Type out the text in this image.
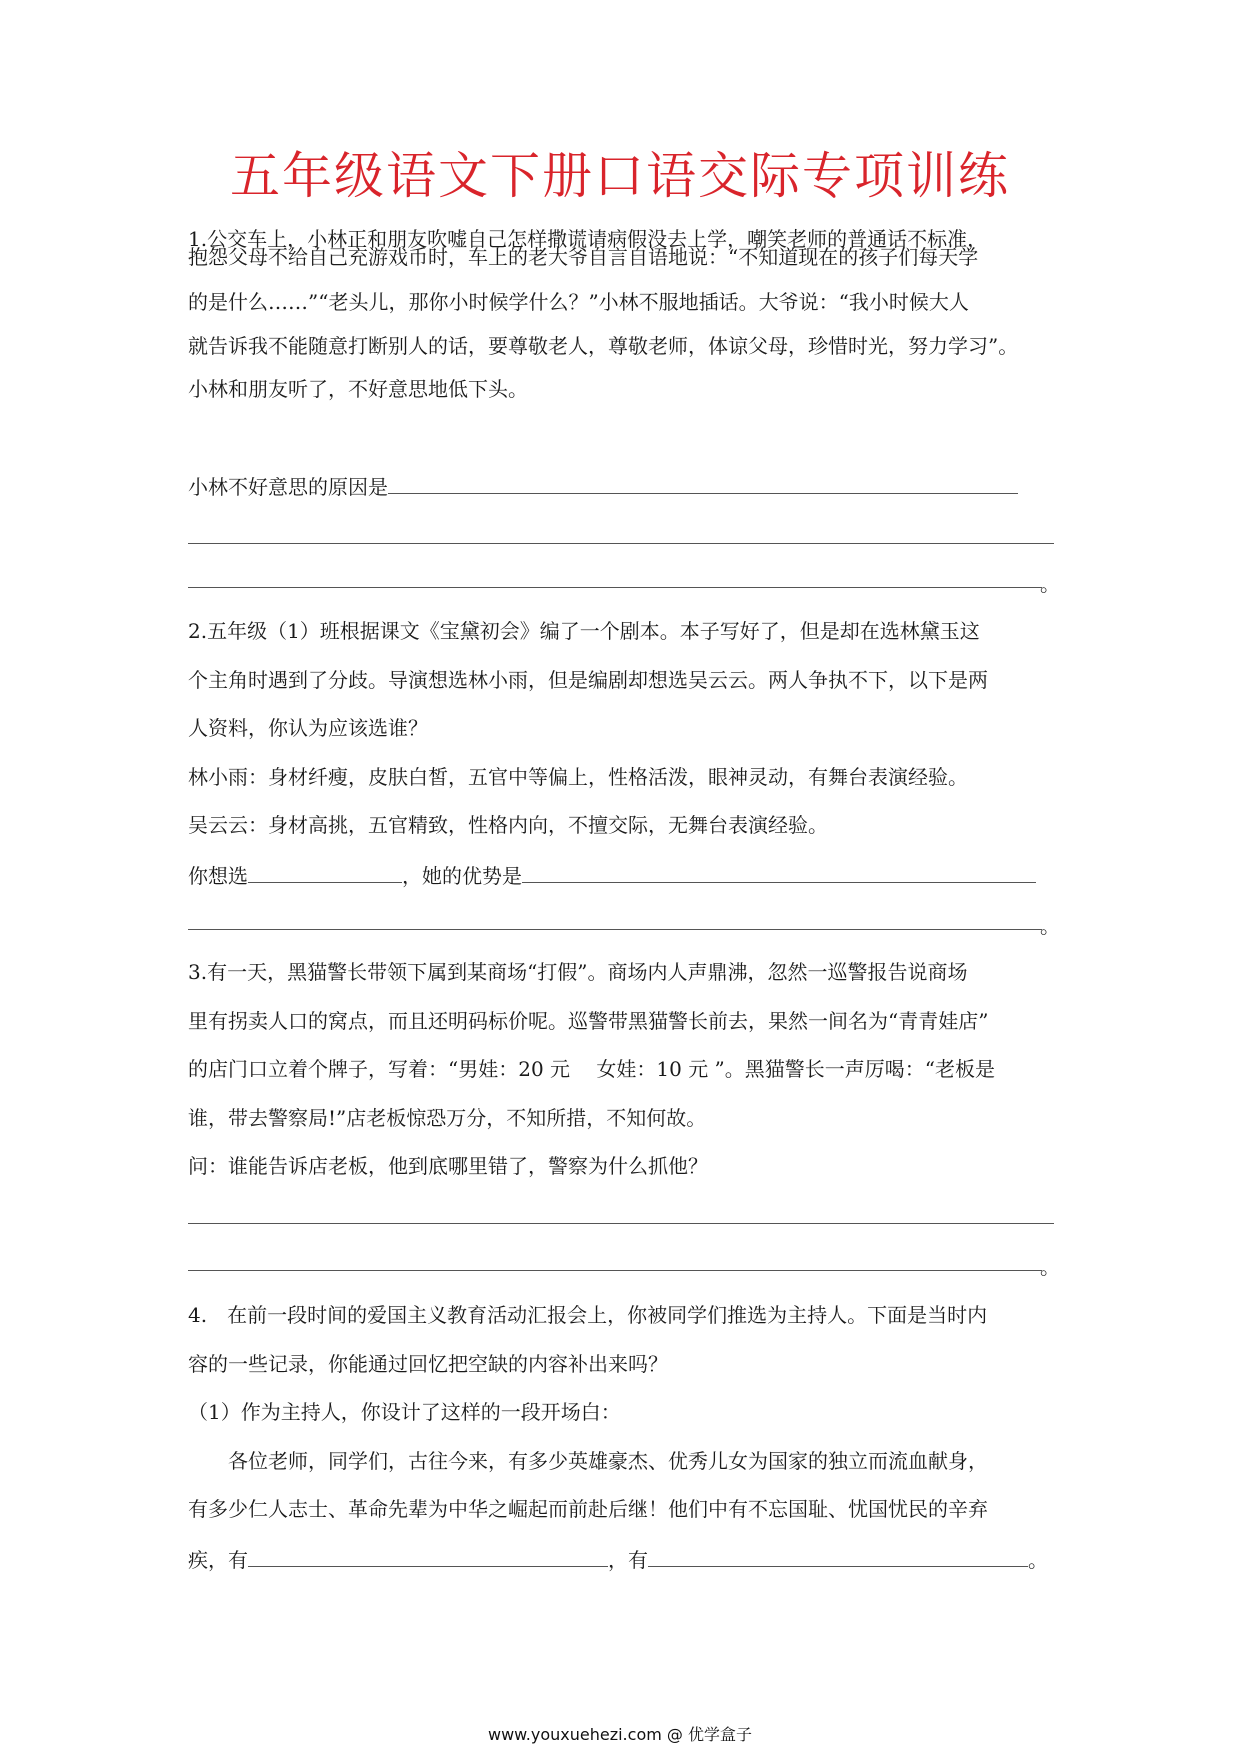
五年级语文下册口语交际专项训练
1.公交车上，小林正和朋友吹嘘自己怎样撒谎请病假没去上学，嘲笑老师的普通话不标准，
抱怨父母不给自己充游戏币时，车上的老大爷自言自语地说：“不知道现在的孩子们每天学
的是什么……”“老头儿，那你小时候学什么？”小林不服地插话。大爷说：“我小时候大人
就告诉我不能随意打断别人的话，要尊敬老人，尊敬老师，体谅父母，珍惜时光，努力学习”。
小林和朋友听了，不好意思地低下头。
小林不好意思的原因是
。
2.五年级（1）班根据课文《宝黛初会》编了一个剧本。本子写好了，但是却在选林黛玉这
个主角时遇到了分歧。导演想选林小雨，但是编剧却想选吴云云。两人争执不下，以下是两
人资料，你认为应该选谁？
林小雨：身材纤瘦，皮肤白皙，五官中等偏上，性格活泼，眼神灵动，有舞台表演经验。
吴云云：身材高挑，五官精致，性格内向，不擅交际，无舞台表演经验。
你想选	，她的优势是
。
3.有一天，黑猫警长带领下属到某商场“打假”。商场内人声鼎沸，忽然一巡警报告说商场
里有拐卖人口的窝点，而且还明码标价呢。巡警带黑猫警长前去，果然一间名为“青青娃店”
的店门口立着个牌子，写着：“男娃：20 元　 女娃：10 元 ”。黑猫警长一声厉喝：“老板是
谁，带去警察局!”店老板惊恐万分，不知所措，不知何故。
问：谁能告诉店老板，他到底哪里错了，警察为什么抓他？
。
4.　在前一段时间的爱国主义教育活动汇报会上，你被同学们推选为主持人。下面是当时内
容的一些记录，你能通过回忆把空缺的内容补出来吗？
（1）作为主持人，你设计了这样的一段开场白：
　　各位老师，同学们，古往今来，有多少英雄豪杰、优秀儿女为国家的独立而流血献身，
有多少仁人志士、革命先辈为中华之崛起而前赴后继！他们中有不忘国耻、忧国忧民的辛弃
疾，有	，有	。
www.youxuehezi.com @ 优学盒子
